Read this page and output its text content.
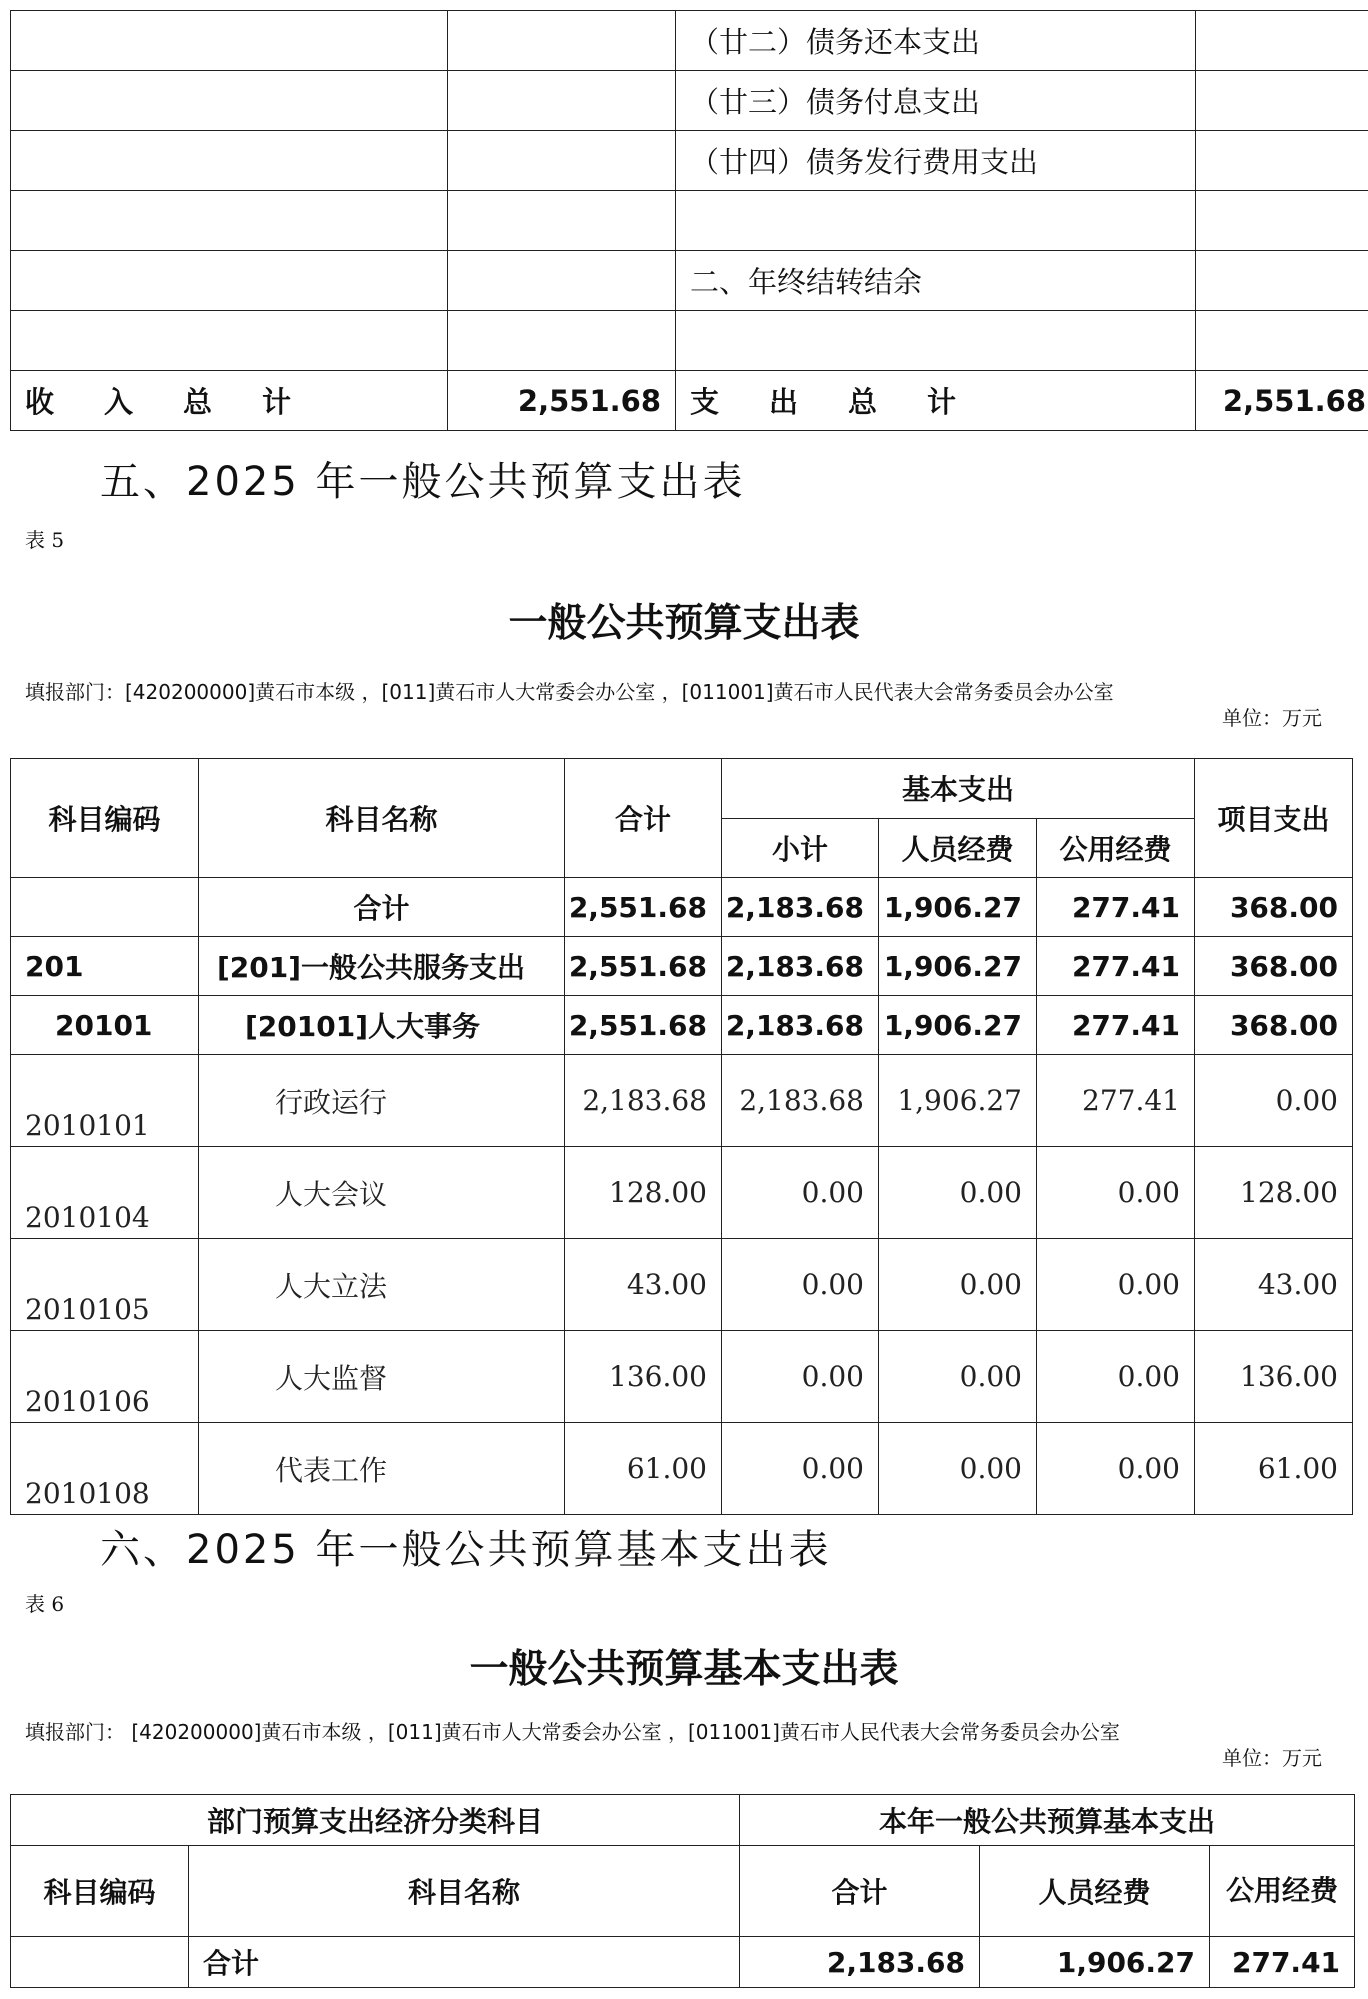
		（廿二）债务还本支出	
		（廿三）债务付息支出	
		（廿四）债务发行费用支出	

		二、年终结转结余	

收入总计	2,551.68	支出总计	2,551.68
五、2025 年一般公共预算支出表
表 5
一般公共预算支出表
填报部门：[420200000]黄石市本级 ，[011]黄石市人大常委会办公室 ，[011001]黄石市人民代表大会常务委员会办公室
单位：万元
科目编码	科目名称	合计	基本支出			项目支出
			小计	人员经费	公用经费	
	合计	2,551.68	2,183.68	1,906.27	277.41	368.00
201	[201]一般公共服务支出	2,551.68	2,183.68	1,906.27	277.41	368.00
20101	[20101]人大事务	2,551.68	2,183.68	1,906.27	277.41	368.00
2010101	行政运行	2,183.68	2,183.68	1,906.27	277.41	0.00
2010104	人大会议	128.00	0.00	0.00	0.00	128.00
2010105	人大立法	43.00	0.00	0.00	0.00	43.00
2010106	人大监督	136.00	0.00	0.00	0.00	136.00
2010108	代表工作	61.00	0.00	0.00	0.00	61.00
六、2025 年一般公共预算基本支出表
表 6
一般公共预算基本支出表
填报部门： [420200000]黄石市本级 ，[011]黄石市人大常委会办公室 ，[011001]黄石市人民代表大会常务委员会办公室
单位：万元
部门预算支出经济分类科目		本年一般公共预算基本支出		
科目编码	科目名称	合计	人员经费	公用经费
	合计	2,183.68	1,906.27	277.41
